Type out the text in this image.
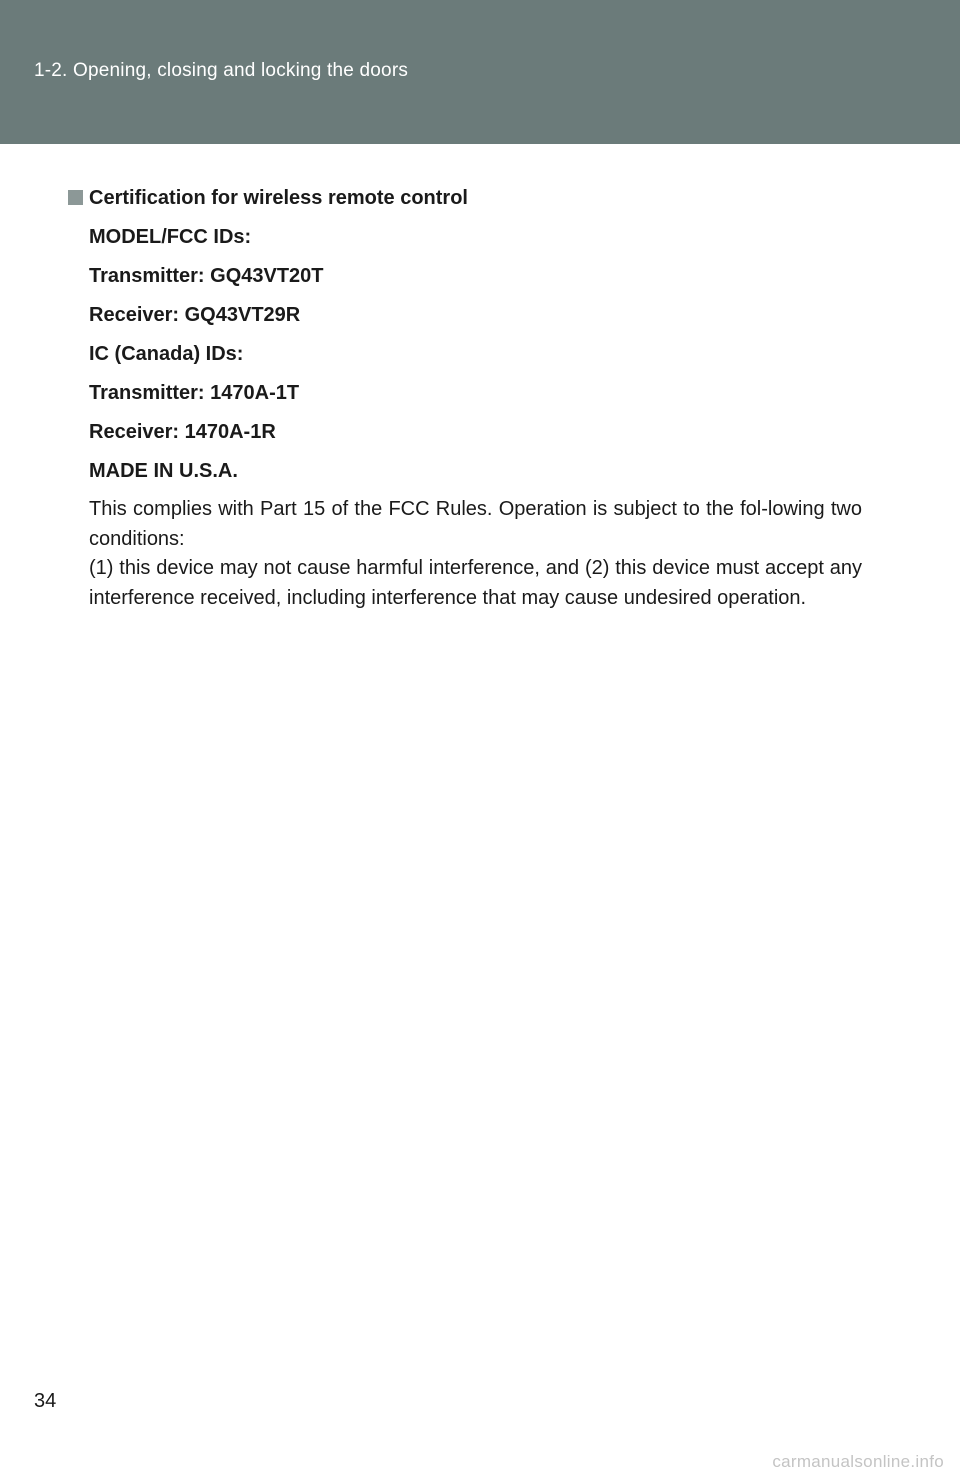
1-2. Opening, closing and locking the doors
Certification for wireless remote control
MODEL/FCC IDs:
Transmitter: GQ43VT20T
Receiver: GQ43VT29R
IC (Canada) IDs:
Transmitter: 1470A-1T
Receiver: 1470A-1R
MADE IN U.S.A.

This complies with Part 15 of the FCC Rules. Operation is subject to the fol-lowing two conditions:

(1) this device may not cause harmful interference, and (2) this device must accept any interference received, including interference that may cause undesired operation.

34
carmanualsonline.info
